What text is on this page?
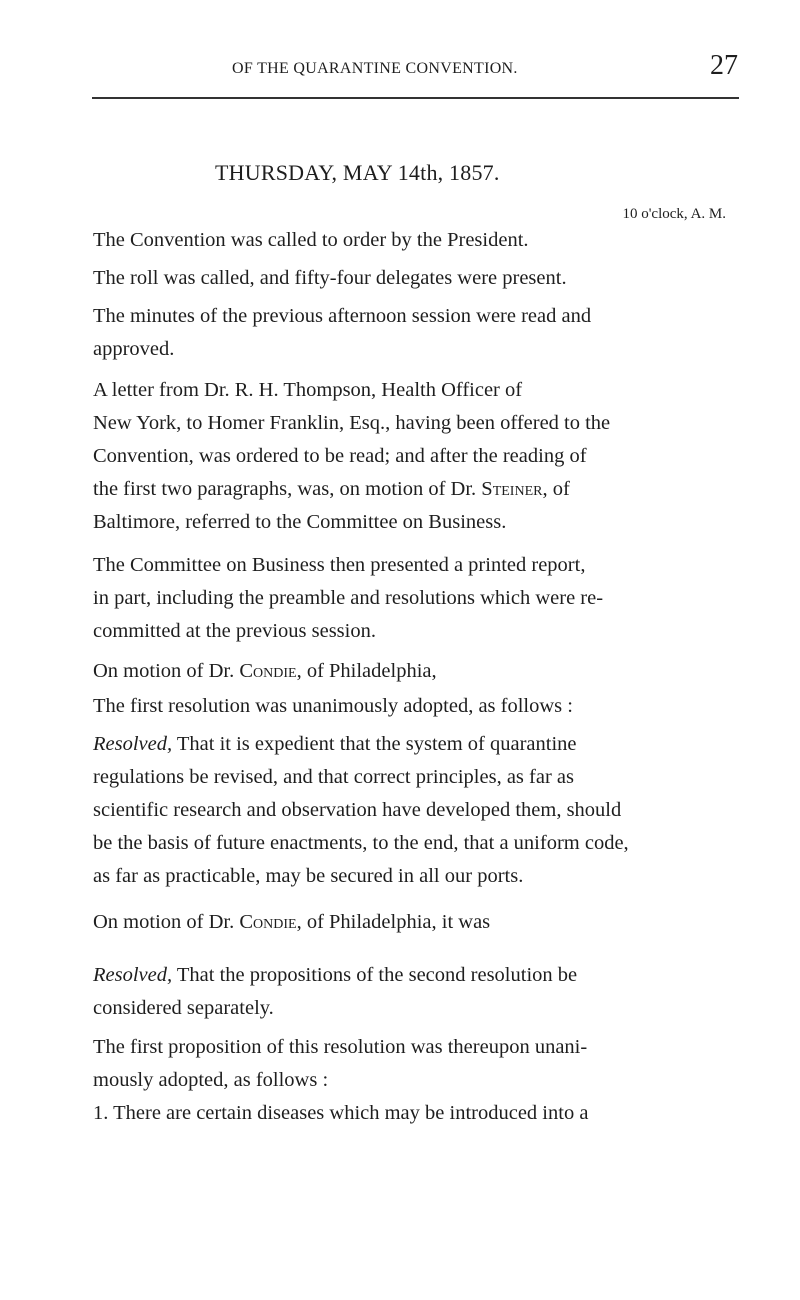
OF THE QUARANTINE CONVENTION.	27
THURSDAY, MAY 14th, 1857.
10 o'clock, A. M.

The Convention was called to order by the President.

The roll was called, and fifty-four delegates were present.

The minutes of the previous afternoon session were read and

approved.

A letter from Dr. R. H. Thompson, Health Officer of

New York, to Homer Franklin, Esq., having been offered to the

Convention, was ordered to be read; and after the reading of

the first two paragraphs, was, on motion of Dr. Steiner, of

Baltimore, referred to the Committee on Business.

The Committee on Business then presented a printed report,

in part, including the preamble and resolutions which were re-

committed at the previous session.

On motion of Dr. Condie, of Philadelphia,

The first resolution was unanimously adopted, as follows :

Resolved, That it is expedient that the system of quarantine

regulations be revised, and that correct principles, as far as

scientific research and observation have developed them, should

be the basis of future enactments, to the end, that a uniform code,

as far as practicable, may be secured in all our ports.

On motion of Dr. Condie, of Philadelphia, it was

Resolved, That the propositions of the second resolution be

considered separately.

The first proposition of this resolution was thereupon unani-

mously adopted, as follows :

1. There are certain diseases which may be introduced into a
